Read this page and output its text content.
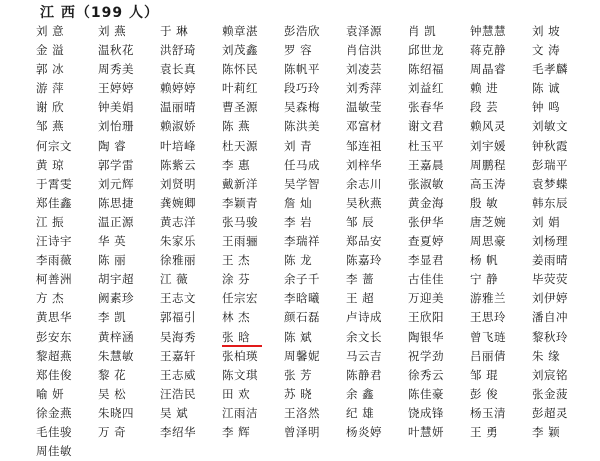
江 西（199 人）
刘 意	刘 燕	于 琳	赖章湛	彭浩欣	袁泽源	肖 凯	钟慧慧	刘 坡
金 溢	温秋花	洪舒琦	刘茂鑫	罗 容	肖信洪	邱世龙	蒋克静	文 涛
郭 冰	周秀美	袁长真	陈怀民	陈帆平	刘凌芸	陈绍福	周晶睿	毛孝麟
游 萍	王婷婷	赖婷婷	叶莉红	段巧玲	刘秀萍	刘益红	赖 进	陈 诚
谢 欣	钟美娟	温丽晴	曹圣源	吴森梅	温敏莹	张春华	段 芸	钟 鸣
邹 燕	刘怡珊	赖淑娇	陈 燕	陈洪美	邓富材	谢文君	赖风灵	刘敏文
何宗文	陶 睿	叶培峰	杜天源	刘 青	邹连祖	杜玉平	刘宇媛	钟秋霞
黄 琼	郭学雷	陈紫云	李 惠	任马成	刘梓华	王嘉晨	周鹏程	彭瑞平
于霄雯	刘元辉	刘贤明	戴新洋	吴学智	余志川	张淑敏	高玉涛	袁梦蝶
郑佳鑫	陈思捷	龚婉卿	李颖青	詹 灿	吴秋燕	黄金海	殷 敏	韩东辰
江 振	温正源	黄志洋	张马骏	李 岩	邹 辰	张伊华	唐芝婉	刘 娟
汪诗宇	华 英	朱家乐	王雨骊	李瑞祥	郑品安	查夏婷	周思豪	刘杨理
李雨薇	陈 丽	徐雅丽	王 杰	陈 龙	陈嘉玲	李显君	杨 帆	姜雨晴
柯善洲	胡宇超	江 薇	涂 芬	余子千	李 蔷	古佳佳	宁 静	毕荧荧
方 杰	阙素珍	王志文	任宗宏	李晗曦	王 超	万迎美	游雅兰	刘伊婷
黄思华	李 凯	郭福引	林 杰	颜石磊	卢诗成	王欣阳	王思玲	潘自冲
彭安东	黄梓涵	吴海秀	张 晗	陈 斌	余文长	陶银华	曾飞琏	黎秋玲
黎超燕	朱慧敏	王嘉轩	张柏瑛	周馨妮	马云吉	祝学劲	吕丽倩	朱 缘
郑佳俊	黎 花	王志威	陈文琪	张 芳	陈静君	徐秀云	邹 琨	刘宸铭
喻 妍	吴 松	汪浩民	田 欢	苏 晓	余 鑫	陈佳豪	彭 俊	张金菠
徐金燕	朱晓四	吴 斌	江雨洁	王洛然	纪 雄	饶成锋	杨玉清	彭超灵
毛佳骏	万 奇	李绍华	李 辉	曾泽明	杨炎婷	叶慧妍	王 勇	李 颖
周佳敏
